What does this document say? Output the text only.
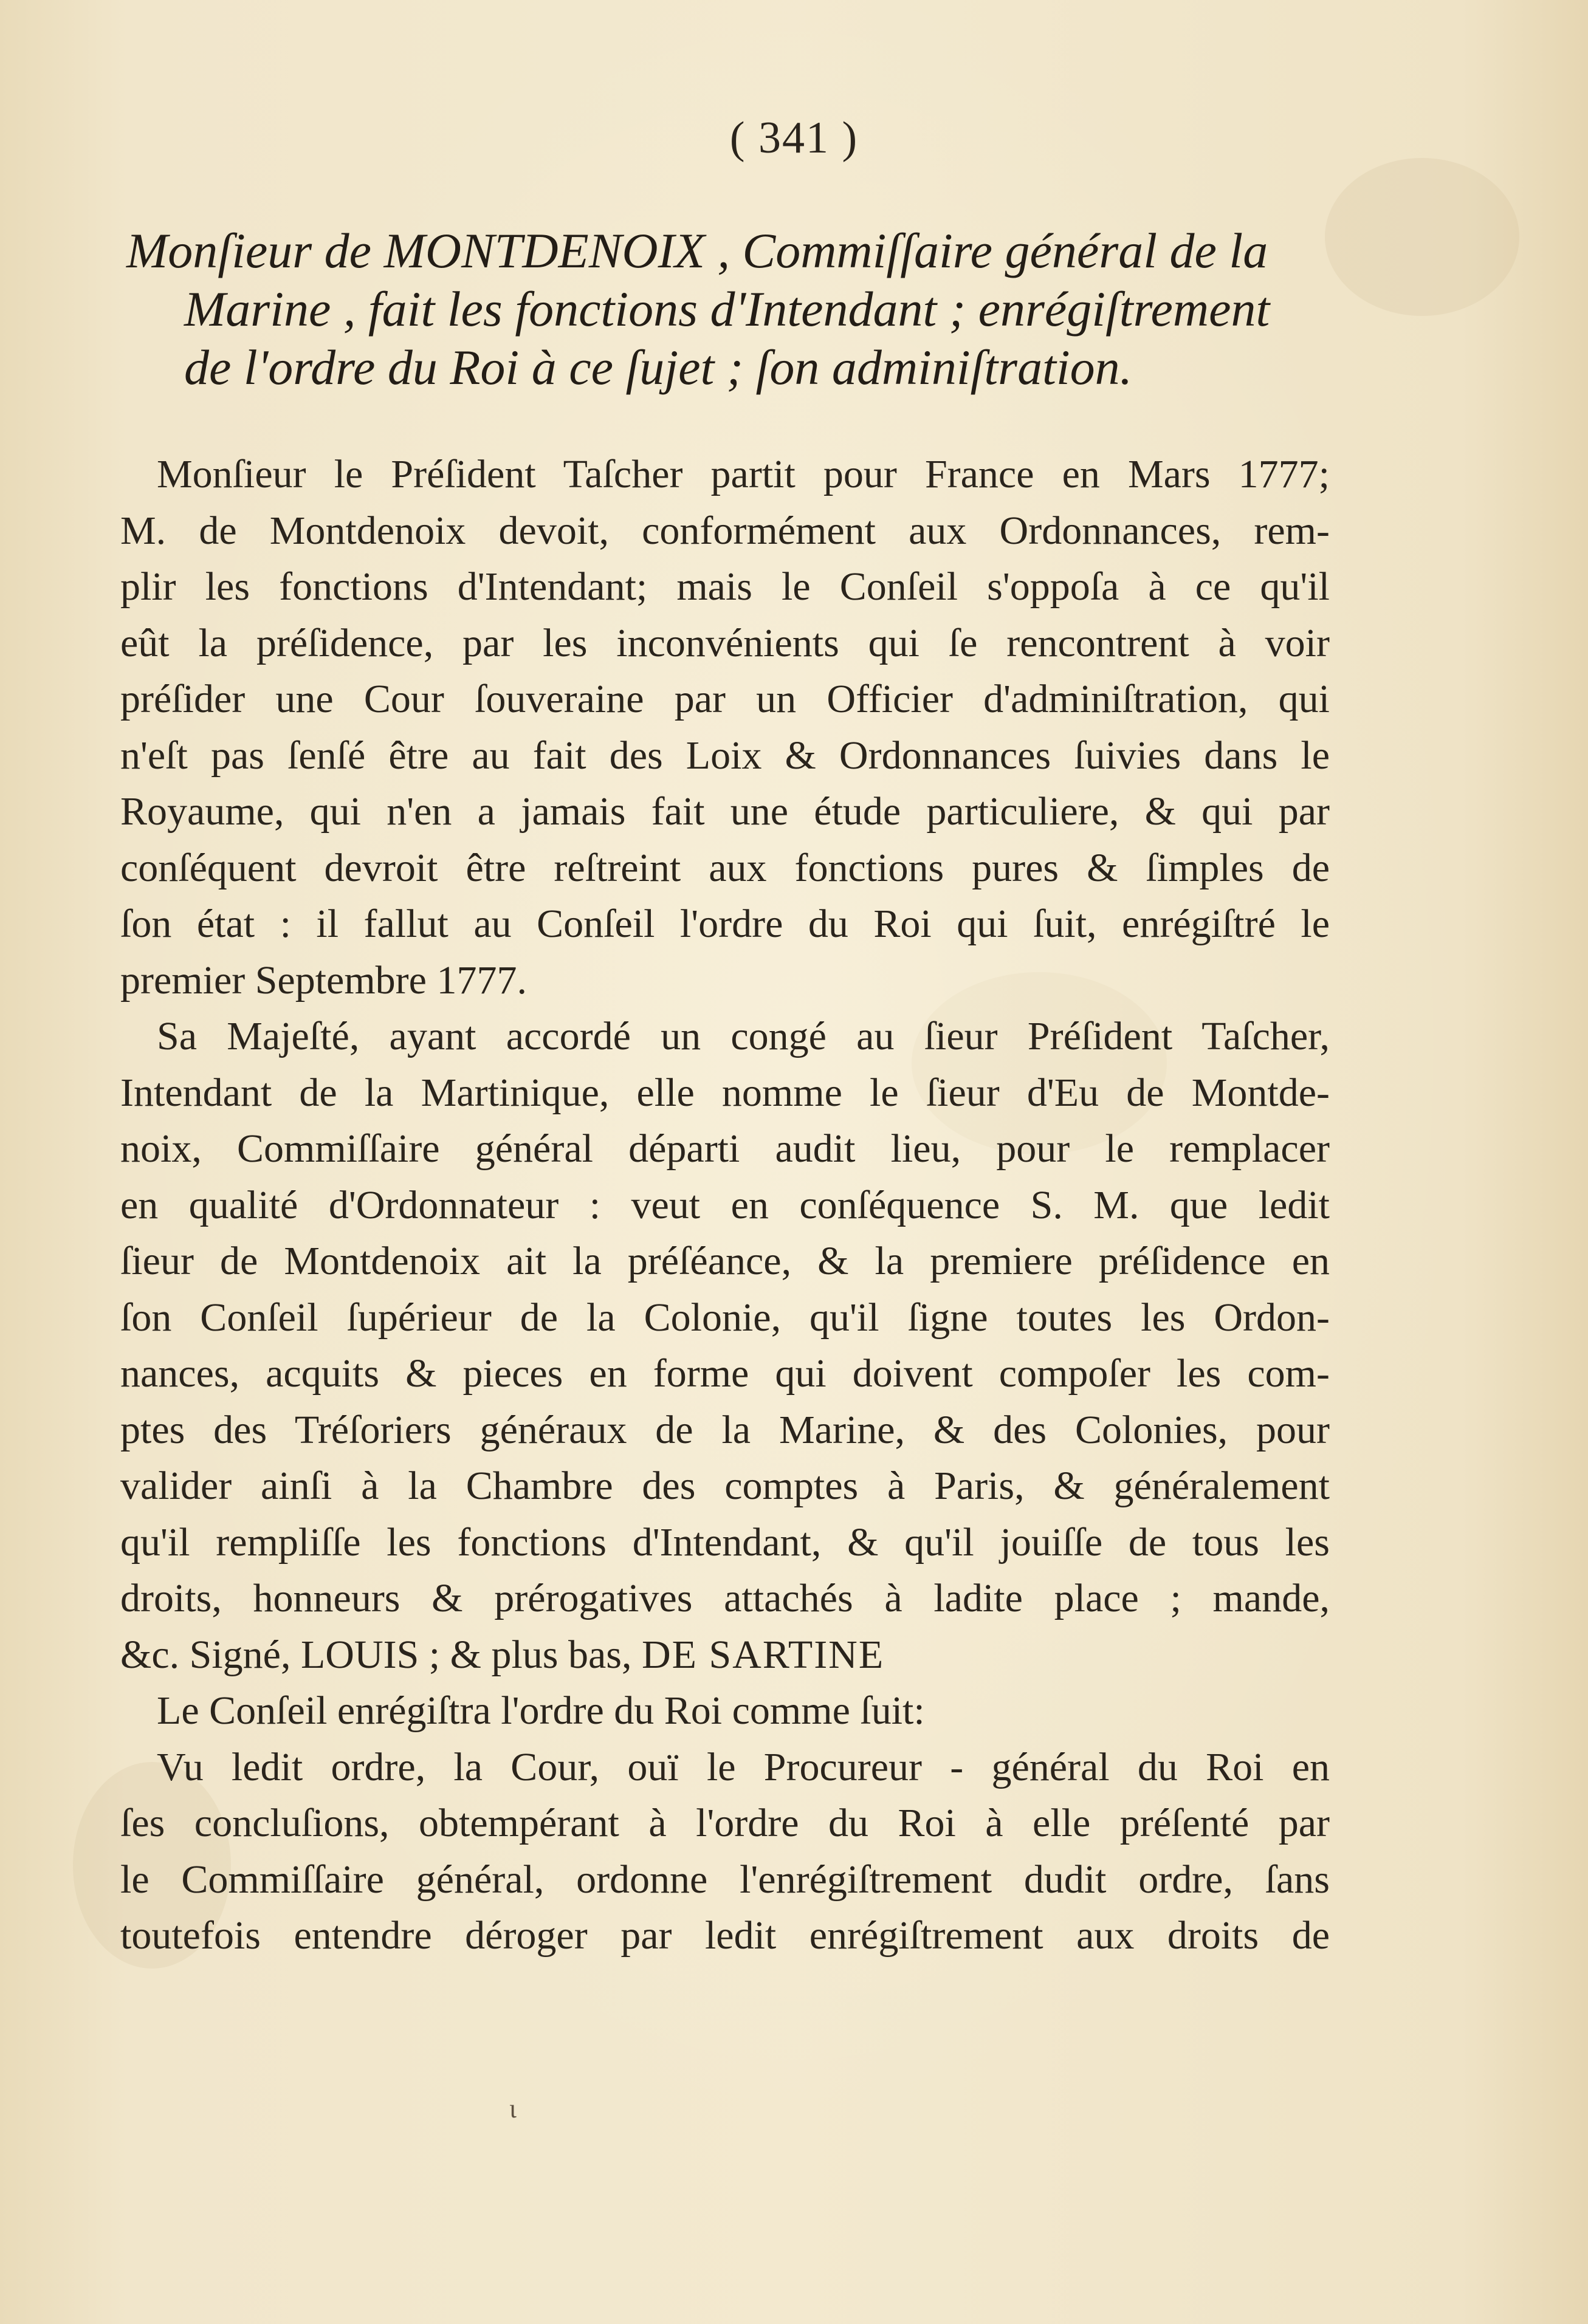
( 341 )
Monſieur de MONTDENOIX , Commiſſaire général de la
Marine , fait les fonctions d'Intendant ; enrégiſtrement
de l'ordre du Roi à ce ſujet ; ſon adminiſtration.
Monſieur le Préſident Taſcher partit pour France en Mars 1777;
M. de Montdenoix devoit, conformément aux Ordonnances, rem-
plir les fonctions d'Intendant; mais le Conſeil s'oppoſa à ce qu'il
eût la préſidence, par les inconvénients qui ſe rencontrent à voir
préſider une Cour ſouveraine par un Officier d'adminiſtration, qui
n'eſt pas ſenſé être au fait des Loix & Ordonnances ſuivies dans le
Royaume, qui n'en a jamais fait une étude particuliere, & qui par
conſéquent devroit être reſtreint aux fonctions pures & ſimples de
ſon état : il fallut au Conſeil l'ordre du Roi qui ſuit, enrégiſtré le
premier Septembre 1777.
Sa Majeſté, ayant accordé un congé au ſieur Préſident Taſcher,
Intendant de la Martinique, elle nomme le ſieur d'Eu de Montde-
noix, Commiſſaire général départi audit lieu, pour le remplacer
en qualité d'Ordonnateur : veut en conſéquence S. M. que ledit
ſieur de Montdenoix ait la préſéance, & la premiere préſidence en
ſon Conſeil ſupérieur de la Colonie, qu'il ſigne toutes les Ordon-
nances, acquits & pieces en forme qui doivent compoſer les com-
ptes des Tréſoriers généraux de la Marine, & des Colonies, pour
valider ainſi à la Chambre des comptes à Paris, & généralement
qu'il rempliſſe les fonctions d'Intendant, & qu'il jouiſſe de tous les
droits, honneurs & prérogatives attachés à ladite place ; mande,
&c. Signé, LOUIS ; & plus bas, DE SARTINE
Le Conſeil enrégiſtra l'ordre du Roi comme ſuit:
Vu ledit ordre, la Cour, ouï le Procureur - général du Roi en
ſes concluſions, obtempérant à l'ordre du Roi à elle préſenté par
le Commiſſaire général, ordonne l'enrégiſtrement dudit ordre, ſans
toutefois entendre déroger par ledit enrégiſtrement aux droits de
ɩ
